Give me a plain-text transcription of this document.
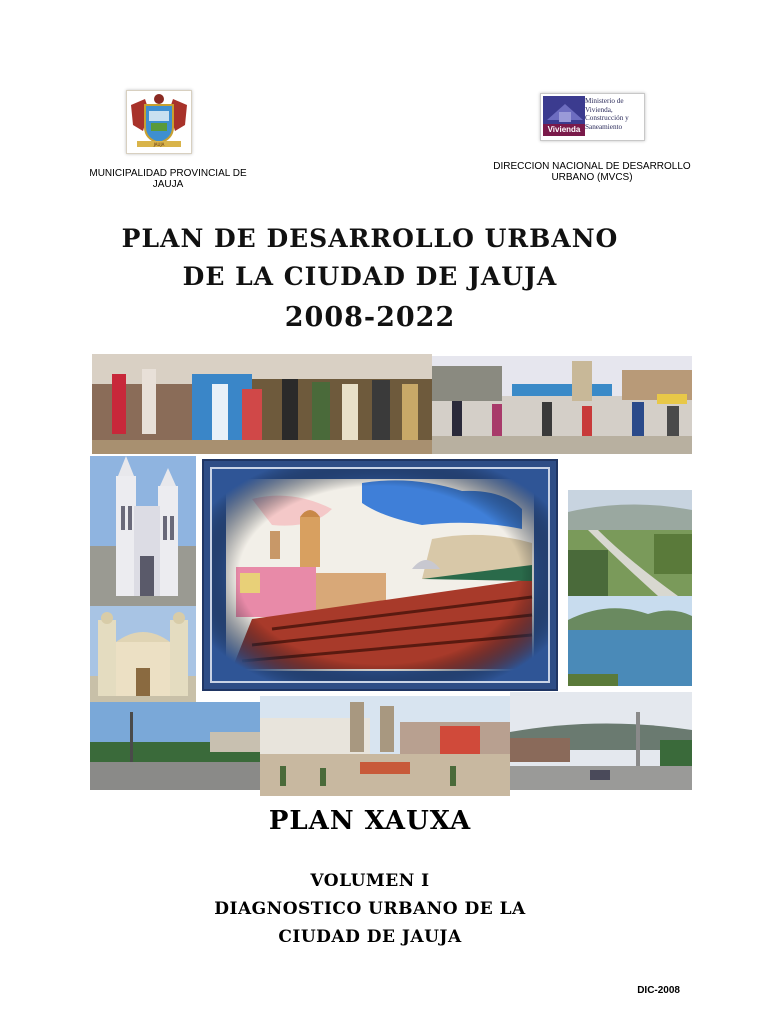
JAUJA
Vivienda
Ministerio de Vivienda, Construcción y Saneamiento
MUNICIPALIDAD PROVINCIAL DE JAUJA
DIRECCION NACIONAL DE DESARROLLO URBANO (MVCS)
PLAN DE DESARROLLO URBANO
DE LA CIUDAD DE JAUJA
2008-2022
PLAN XAUXA
VOLUMEN I
DIAGNOSTICO URBANO DE LA
CIUDAD DE JAUJA
DIC-2008
